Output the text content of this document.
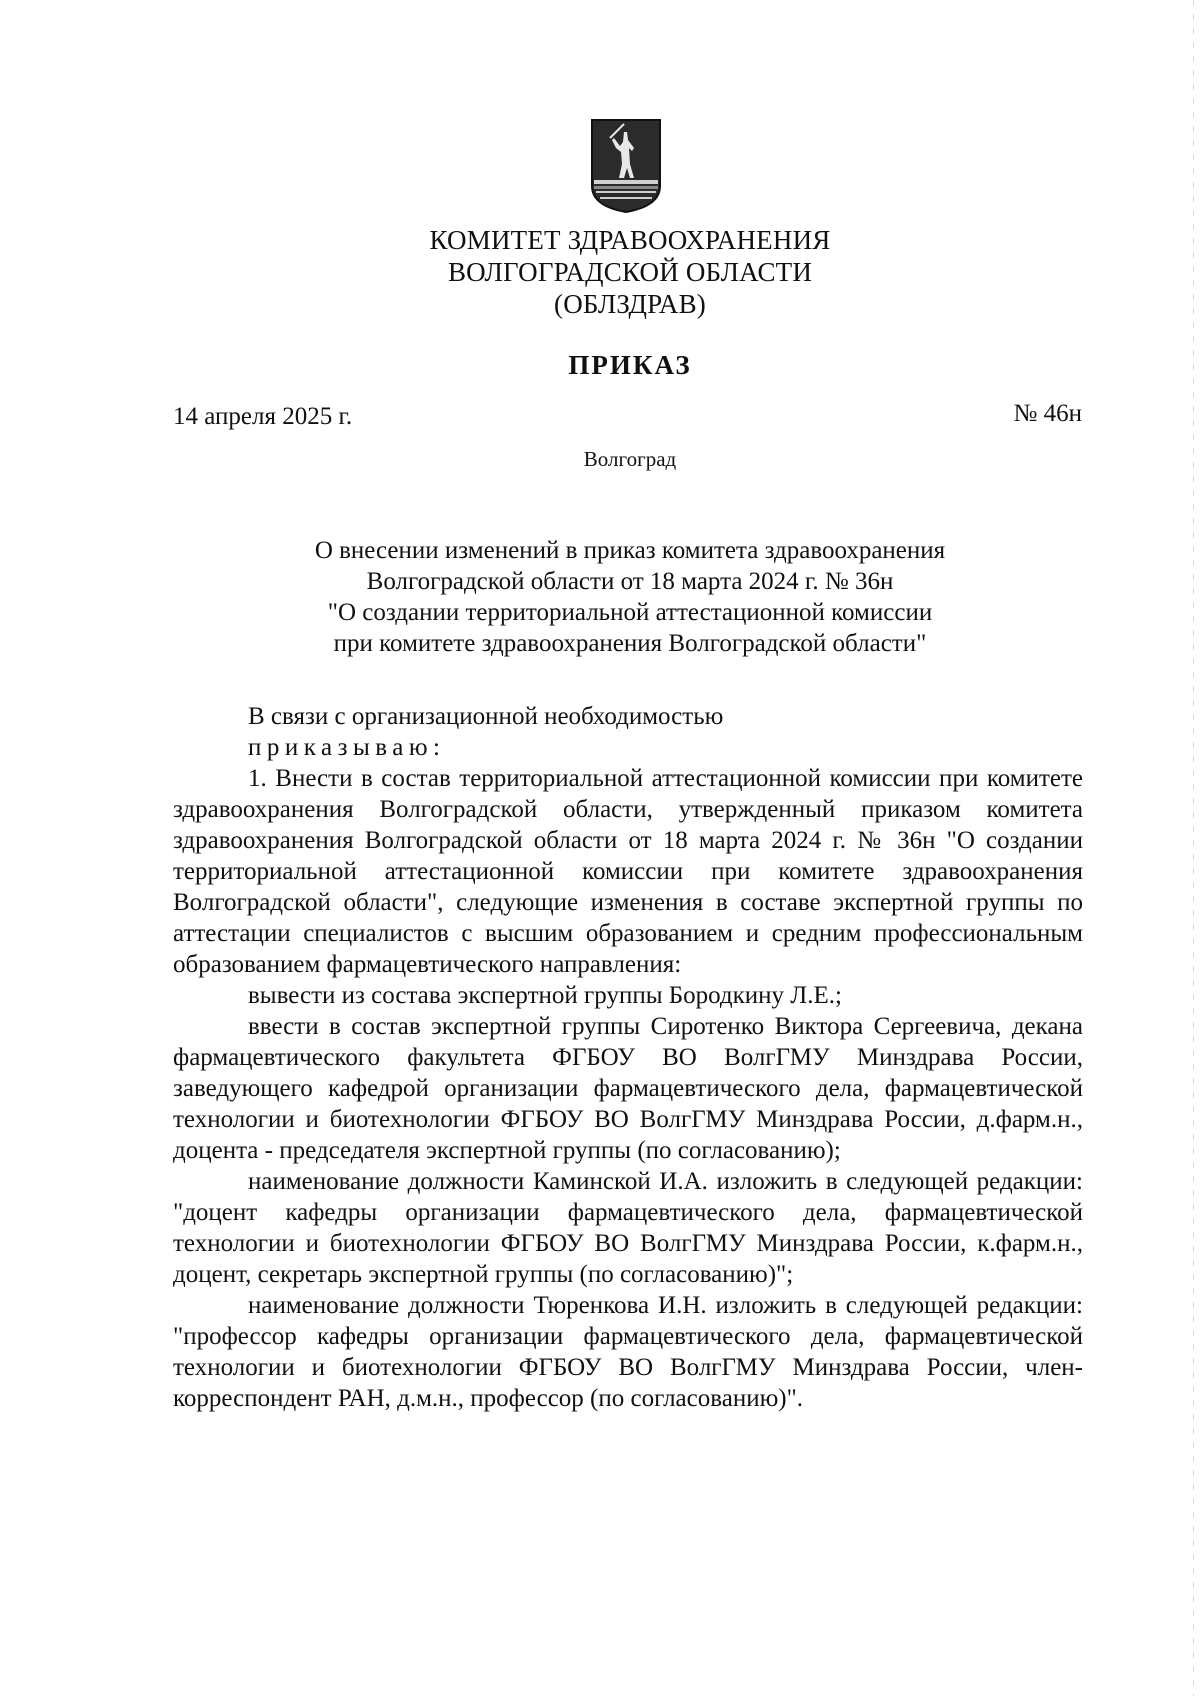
КОМИТЕТ ЗДРАВООХРАНЕНИЯ
ВОЛГОГРАДСКОЙ ОБЛАСТИ
(ОБЛЗДРАВ)
ПРИКАЗ
14 апреля 2025 г.	№ 46н
Волгоград
О внесении изменений в приказ комитета здравоохранения
Волгоградской области от 18 марта 2024 г. № 36н
"О создании территориальной аттестационной комиссии
при комитете здравоохранения Волгоградской области"

В связи с организационной необходимостью

приказываю:

1. Внести в состав территориальной аттестационной комиссии при комитете здравоохранения Волгоградской области, утвержденный приказом комитета здравоохранения Волгоградской области от 18 марта 2024 г. № 36н "О создании территориальной аттестационной комиссии при комитете здравоохранения Волгоградской области", следующие изменения в составе экспертной группы по аттестации специалистов с высшим образованием и средним профессиональным образованием фармацевтического направления:

вывести из состава экспертной группы Бородкину Л.Е.;

ввести в состав экспертной группы Сиротенко Виктора Сергеевича, декана фармацевтического факультета ФГБОУ ВО ВолгГМУ Минздрава России, заведующего кафедрой организации фармацевтического дела, фармацевтической технологии и биотехнологии ФГБОУ ВО ВолгГМУ Минздрава России, д.фарм.н., доцента - председателя экспертной группы (по согласованию);

наименование должности Каминской И.А. изложить в следующей редакции: "доцент кафедры организации фармацевтического дела, фармацевтической технологии и биотехнологии ФГБОУ ВО ВолгГМУ Минздрава России, к.фарм.н., доцент, секретарь экспертной группы (по согласованию)";

наименование должности Тюренкова И.Н. изложить в следующей редакции: "профессор кафедры организации фармацевтического дела, фармацевтической технологии и биотехнологии ФГБОУ ВО ВолгГМУ Минздрава России, член-корреспондент РАН, д.м.н., профессор (по согласованию)".
